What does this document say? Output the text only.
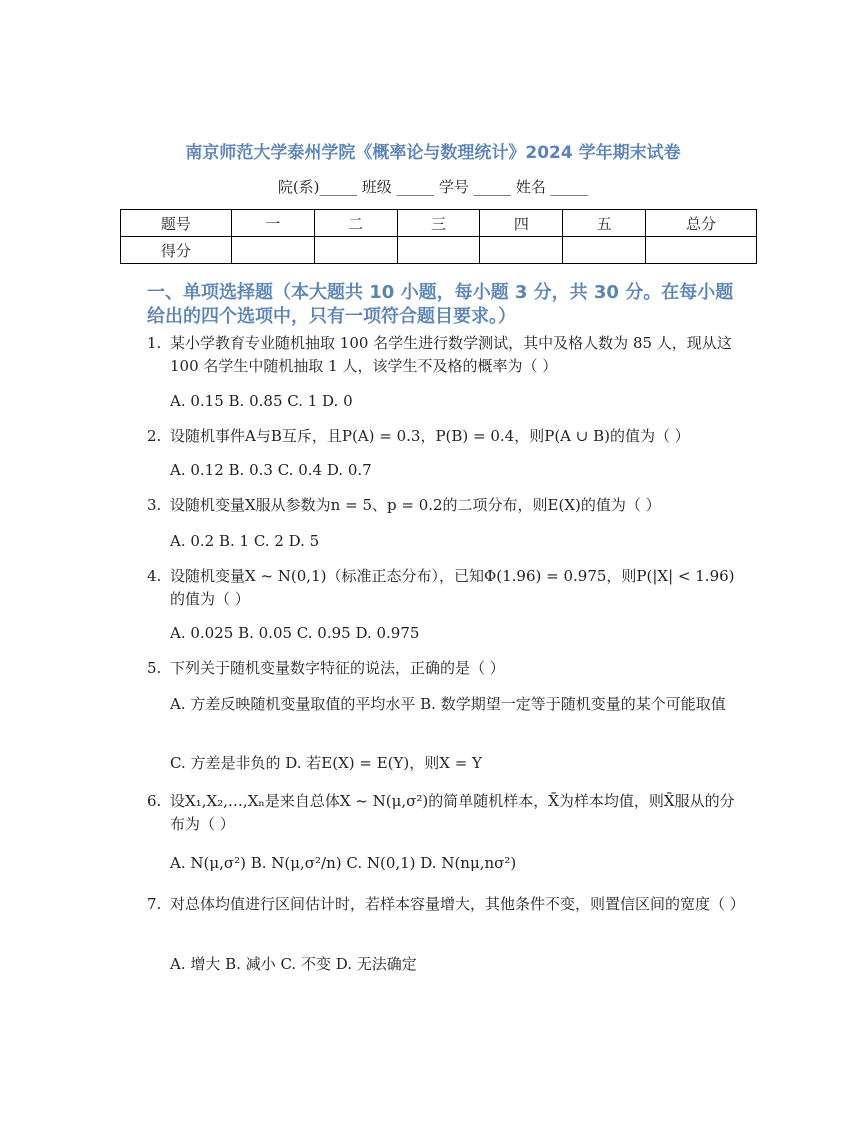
南京师范大学泰州学院《概率论与数理统计》2024 学年期末试卷
院(系)_____ 班级 _____ 学号 _____ 姓名 _____
题号	一	二	三	四	五	总分
得分						
一、单项选择题（本大题共 10 小题，每小题 3 分，共 30 分。在每小题给出的四个选项中，只有一项符合题目要求。）
1. 某小学教育专业随机抽取 100 名学生进行数学测试，其中及格人数为 85 人，现从这 100 名学生中随机抽取 1 人，该学生不及格的概率为（ ）
A. 0.15 B. 0.85 C. 1 D. 0
2. 设随机事件A与B互斥，且P(A) = 0.3，P(B) = 0.4，则P(A ∪ B)的值为（ ）
A. 0.12 B. 0.3 C. 0.4 D. 0.7
3. 设随机变量X服从参数为n = 5、p = 0.2的二项分布，则E(X)的值为（ ）
A. 0.2 B. 1 C. 2 D. 5
4. 设随机变量X ~ N(0,1)（标准正态分布），已知Φ(1.96) = 0.975，则P(|X| < 1.96)的值为（ ）
A. 0.025 B. 0.05 C. 0.95 D. 0.975
5. 下列关于随机变量数字特征的说法，正确的是（ ）
A. 方差反映随机变量取值的平均水平 B. 数学期望一定等于随机变量的某个可能取值
C. 方差是非负的 D. 若E(X) = E(Y)，则X = Y
6. 设X₁,X₂,…,Xₙ是来自总体X ~ N(μ,σ²)的简单随机样本，X̄为样本均值，则X̄服从的分布为（ ）
A. N(μ,σ²) B. N(μ,σ²/n) C. N(0,1) D. N(nμ,nσ²)
7. 对总体均值进行区间估计时，若样本容量增大，其他条件不变，则置信区间的宽度（ ）
A. 增大 B. 减小 C. 不变 D. 无法确定
